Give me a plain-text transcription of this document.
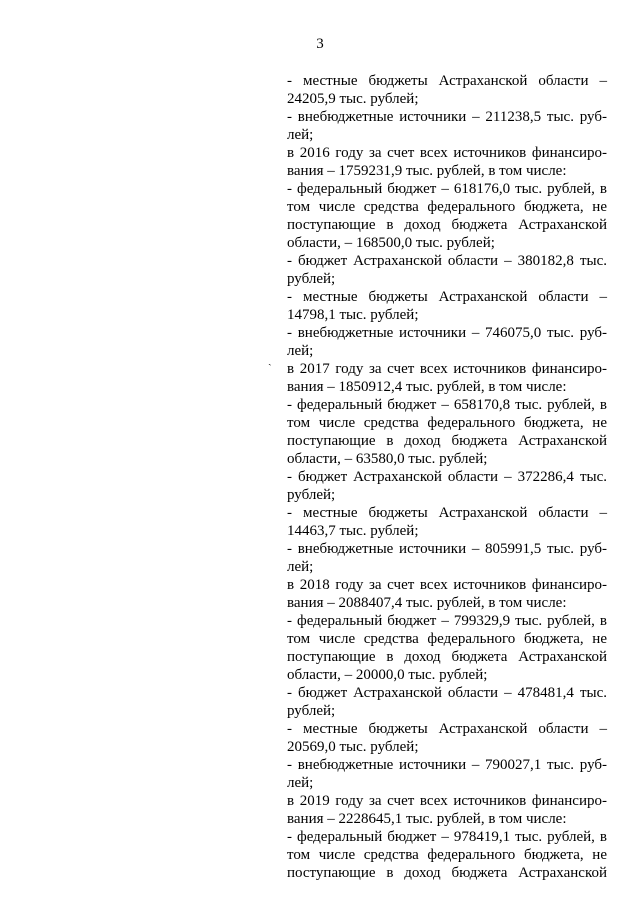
3
ˏ
- местные бюджеты Астраханской области –
24205,9 тыс. рублей;
- внебюджетные источники – 211238,5 тыс. руб-
лей;
в 2016 году за счет всех источников финансиро-
вания – 1759231,9 тыс. рублей, в том числе:
- федеральный бюджет – 618176,0 тыс. рублей, в
том числе средства федерального бюджета, не
поступающие в доход бюджета Астраханской
области, – 168500,0 тыс. рублей;
- бюджет Астраханской области – 380182,8 тыс.
рублей;
- местные бюджеты Астраханской области –
14798,1 тыс. рублей;
- внебюджетные источники – 746075,0 тыс. руб-
лей;
в 2017 году за счет всех источников финансиро-
вания – 1850912,4 тыс. рублей, в том числе:
- федеральный бюджет – 658170,8 тыс. рублей, в
том числе средства федерального бюджета, не
поступающие в доход бюджета Астраханской
области, – 63580,0 тыс. рублей;
- бюджет Астраханской области – 372286,4 тыс.
рублей;
- местные бюджеты Астраханской области –
14463,7 тыс. рублей;
- внебюджетные источники – 805991,5 тыс. руб-
лей;
в 2018 году за счет всех источников финансиро-
вания – 2088407,4 тыс. рублей, в том числе:
- федеральный бюджет – 799329,9 тыс. рублей, в
том числе средства федерального бюджета, не
поступающие в доход бюджета Астраханской
области, – 20000,0 тыс. рублей;
- бюджет Астраханской области – 478481,4 тыс.
рублей;
- местные бюджеты Астраханской области –
20569,0 тыс. рублей;
- внебюджетные источники – 790027,1 тыс. руб-
лей;
в 2019 году за счет всех источников финансиро-
вания – 2228645,1 тыс. рублей, в том числе:
- федеральный бюджет – 978419,1 тыс. рублей, в
том числе средства федерального бюджета, не
поступающие в доход бюджета Астраханской
